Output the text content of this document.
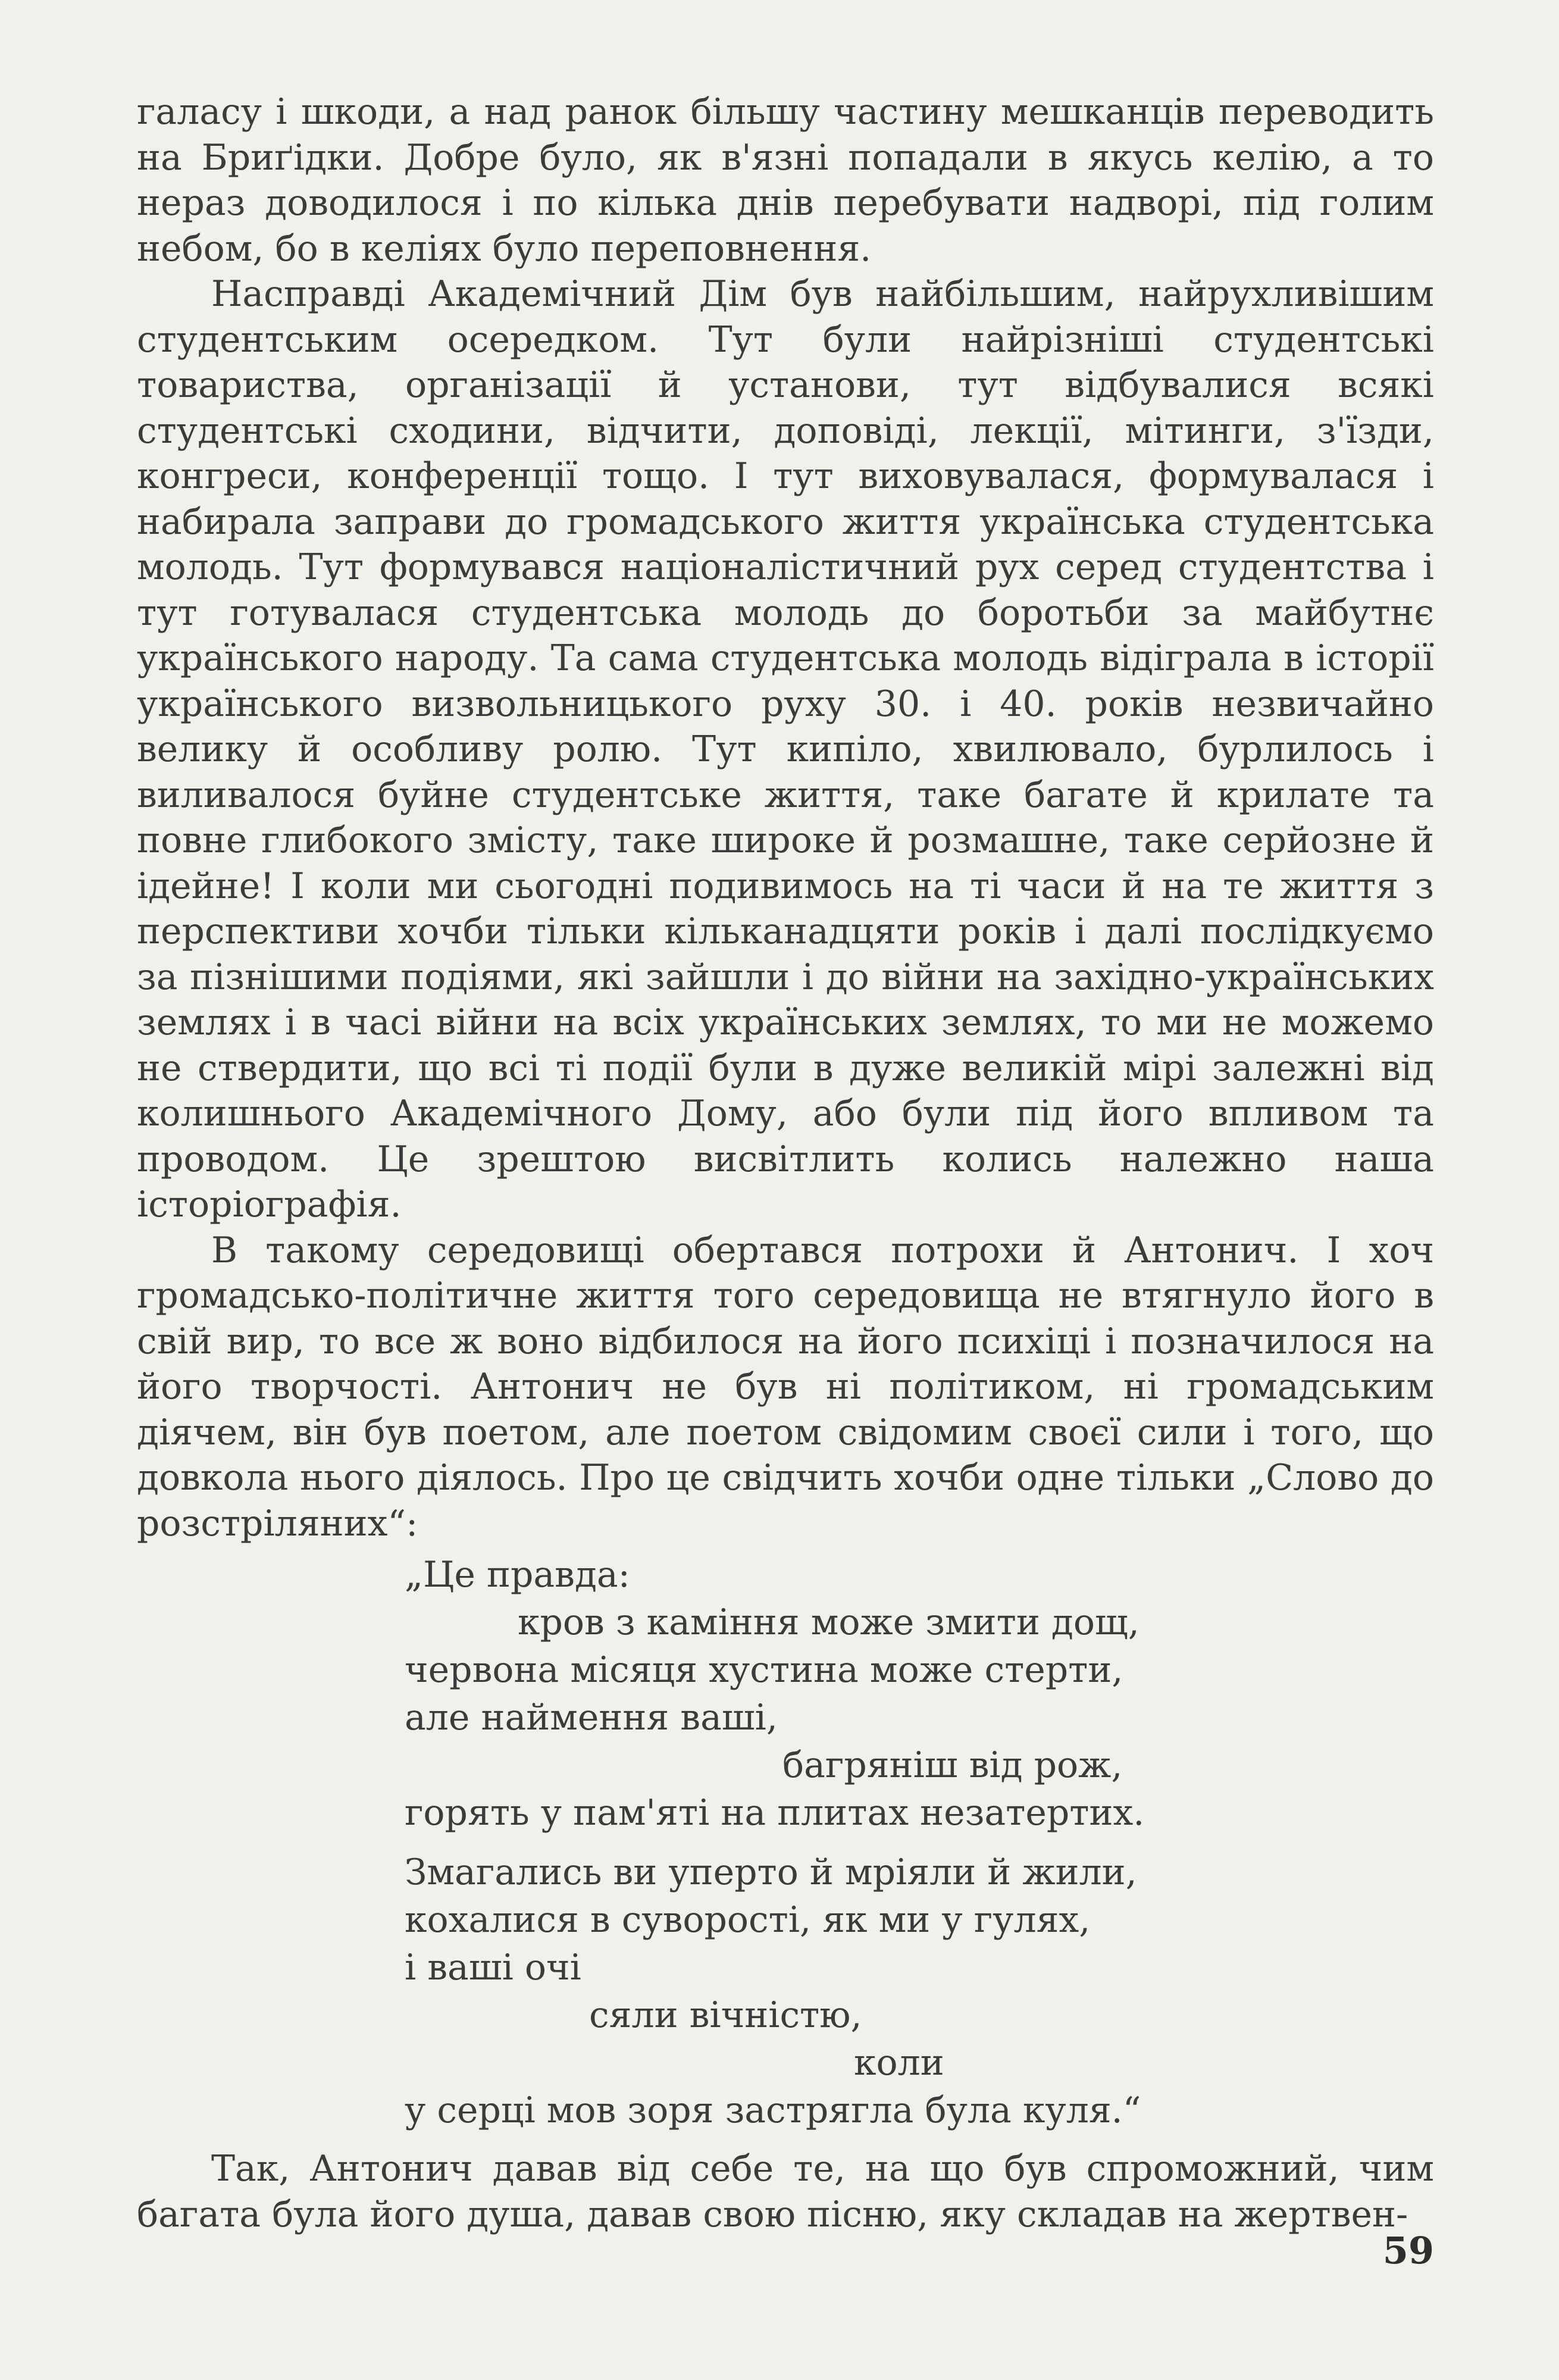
галасу і шкоди, а над ранок більшу частину мешканців переводить на Бриґідки. Добре було, як в'язні попадали в якусь келію, а то нераз доводилося і по кілька днів перебувати надворі, під голим небом, бо в келіях було переповнення.

Насправді Академічний Дім був найбільшим, найрухливішим студентським осередком. Тут були найрізніші студентські товариства, організації й установи, тут відбувалися всякі студентські сходини, відчити, доповіді, лекції, мітинги, з'їзди, конгреси, конференції тощо. І тут виховувалася, формувалася і набирала заправи до громадського життя українська студентська молодь. Тут формувався націоналістичний рух серед студентства і тут готувалася студентська молодь до боротьби за майбутнє українського народу. Та сама студентська молодь відіграла в історії українського визвольницького руху 30. і 40. років незвичайно велику й особливу ролю. Тут кипіло, хвилювало, бурлилось і виливалося буйне студентське життя, таке багате й крилате та повне глибокого змісту, таке широке й розмашне, таке серйозне й ідейне! І коли ми сьогодні подивимось на ті часи й на те життя з перспективи хочби тільки кільканадцяти років і далі послідкуємо за пізнішими подіями, які зайшли і до війни на західно-українських землях і в часі війни на всіх українських землях, то ми не можемо не ствердити, що всі ті події були в дуже великій мірі залежні від колишнього Академічного Дому, або були під його впливом та проводом. Це зрештою висвітлить колись належно наша історіографія.

В такому середовищі обертався потрохи й Антонич. І хоч громадсько-політичне життя того середовища не втягнуло його в свій вир, то все ж воно відбилося на його психіці і позначилося на його творчості. Антонич не був ні політиком, ні громадським діячем, він був поетом, але поетом свідомим своєї сили і того, що довкола нього діялось. Про це свідчить хочби одне тільки „Слово до розстріляних“:

„Це правда:
кров з каміння може змити дощ,
червона місяця хустина може стерти,
але наймення ваші,
багряніш від рож,
горять у пам'яті на плитах незатертих.
Змагались ви уперто й мріяли й жили,
кохалися в суворості, як ми у гулях,
і ваші очі
сяли вічністю,
коли
у серці мов зоря застрягла була куля.“

Так, Антонич давав від себе те, на що був спроможний, чим багата була його душа, давав свою пісню, яку складав на жертвен-

59
